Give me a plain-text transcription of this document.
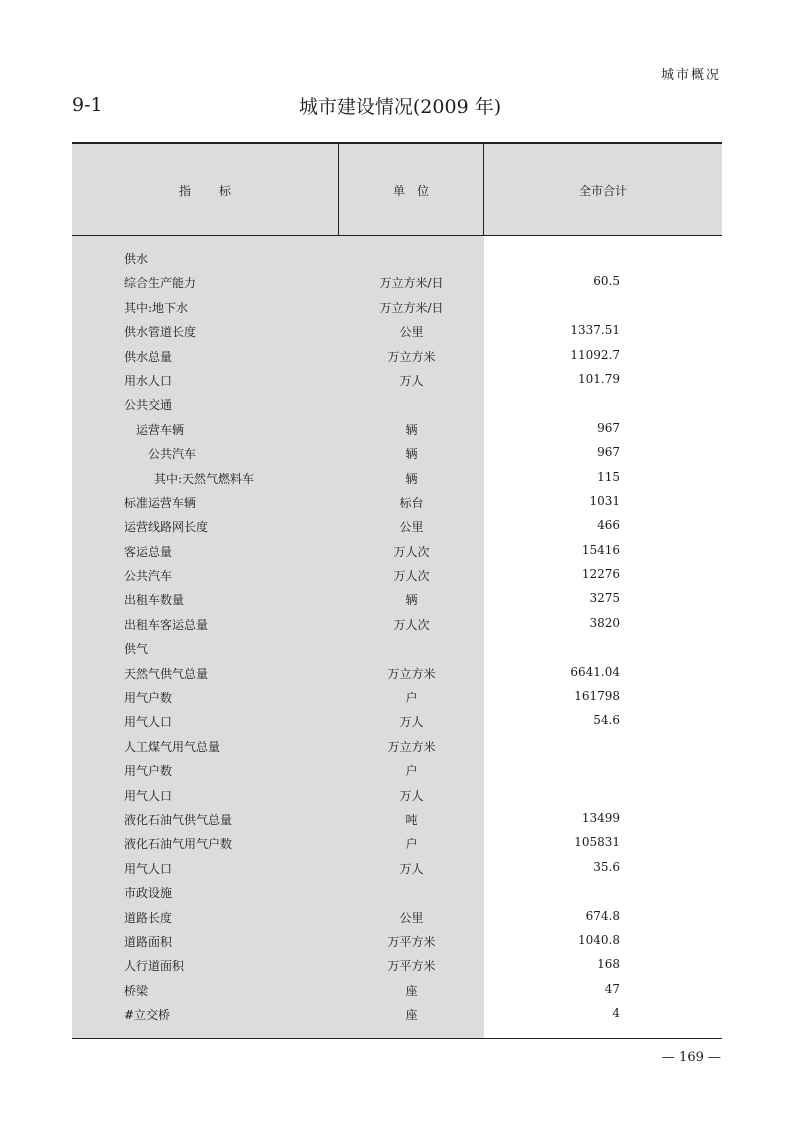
城市概况
9-1	城市建设情况(2009 年)
指标	单位	全市合计
供水
综合生产能力	万立方米/日	60.5
其中:地下水	万立方米/日
供水管道长度	公里	1337.51
供水总量	万立方米	11092.7
用水人口	万人	101.79
公共交通
运营车辆	辆	967
公共汽车	辆	967
其中:天然气燃料车	辆	115
标准运营车辆	标台	1031
运营线路网长度	公里	466
客运总量	万人次	15416
公共汽车	万人次	12276
出租车数量	辆	3275
出租车客运总量	万人次	3820
供气
天然气供气总量	万立方米	6641.04
用气户数	户	161798
用气人口	万人	54.6
人工煤气用气总量	万立方米
用气户数	户
用气人口	万人
液化石油气供气总量	吨	13499
液化石油气用气户数	户	105831
用气人口	万人	35.6
市政设施
道路长度	公里	674.8
道路面积	万平方米	1040.8
人行道面积	万平方米	168
桥梁	座	47
#立交桥	座	4
— 169 —
